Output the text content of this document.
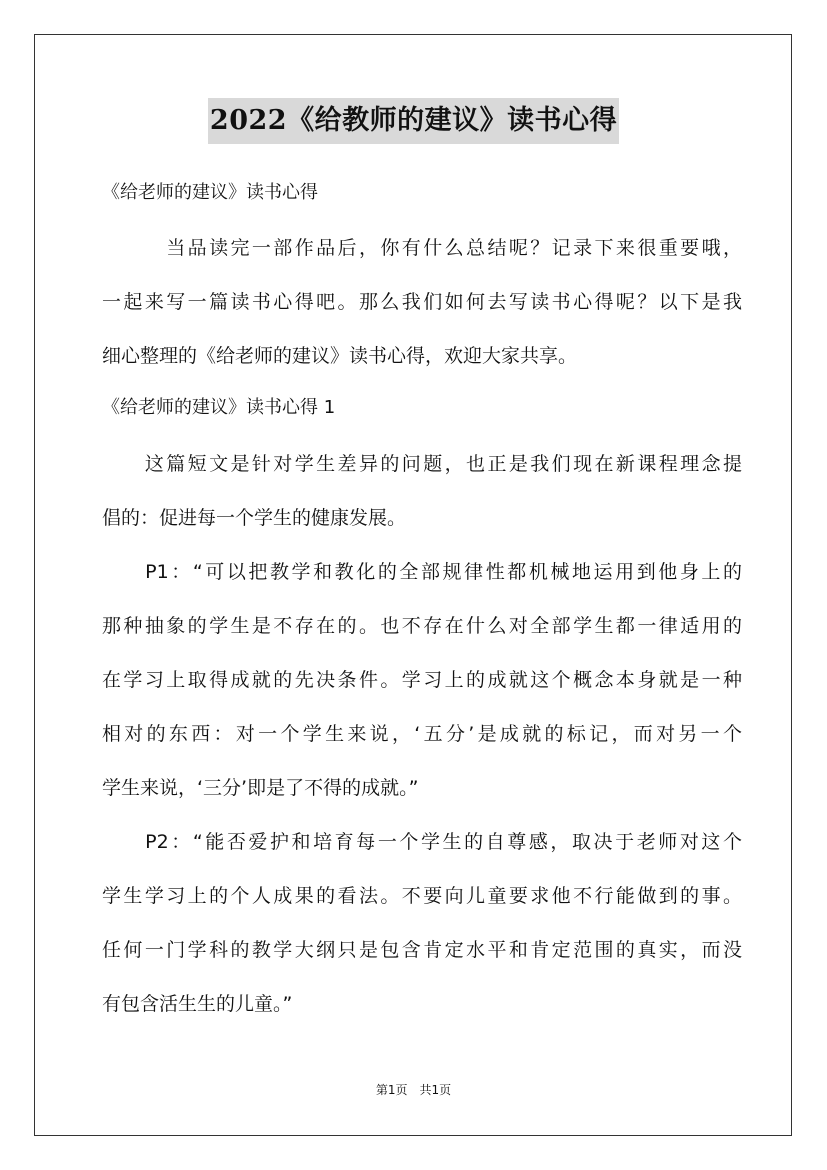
2022《给教师的建议》读书心得
《给老师的建议》读书心得
　　　当品读完一部作品后，你有什么总结呢？记录下来很重要哦，
一起来写一篇读书心得吧。那么我们如何去写读书心得呢？以下是我
细心整理的《给老师的建议》读书心得，欢迎大家共享。
《给老师的建议》读书心得 1
　　这篇短文是针对学生差异的问题，也正是我们现在新课程理念提
倡的：促进每一个学生的健康发展。
　　P1：“可以把教学和教化的全部规律性都机械地运用到他身上的
那种抽象的学生是不存在的。也不存在什么对全部学生都一律适用的
在学习上取得成就的先决条件。学习上的成就这个概念本身就是一种
相对的东西：对一个学生来说，‘五分’是成就的标记，而对另一个
学生来说，‘三分’即是了不得的成就。”
　　P2：“能否爱护和培育每一个学生的自尊感，取决于老师对这个
学生学习上的个人成果的看法。不要向儿童要求他不行能做到的事。
任何一门学科的教学大纲只是包含肯定水平和肯定范围的真实，而没
有包含活生生的儿童。”
第1页　共1页
